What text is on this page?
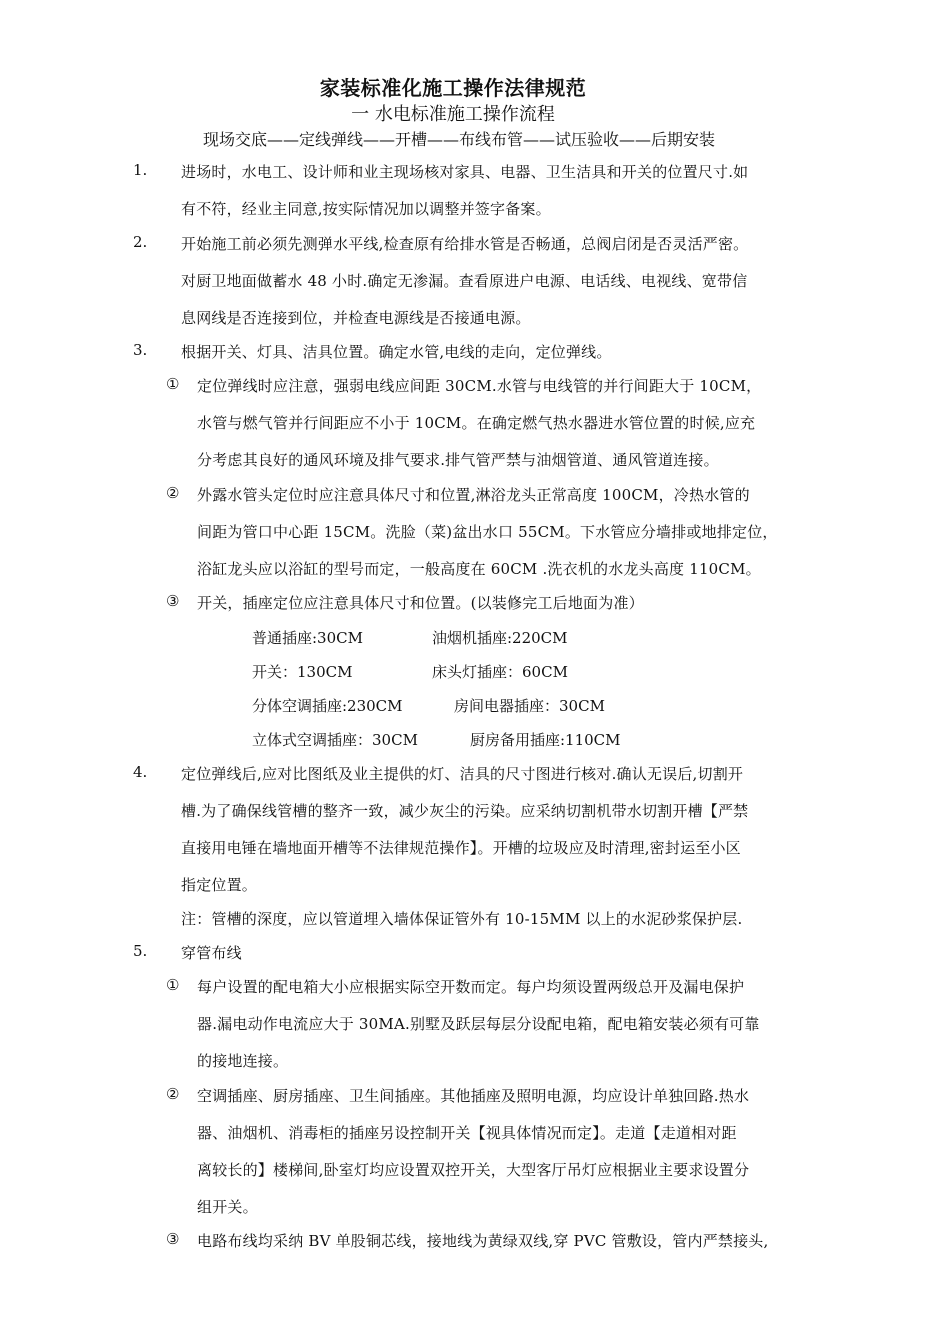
家装标准化施工操作法律规范
一 水电标准施工操作流程
现场交底——定线弹线——开槽——布线布管——试压验收——后期安装
1. 进场时，水电工、设计师和业主现场核对家具、电器、卫生洁具和开关的位置尺寸.如
有不符，经业主同意,按实际情况加以调整并签字备案。
2. 开始施工前必须先测弹水平线,检查原有给排水管是否畅通，总阀启闭是否灵活严密。
对厨卫地面做蓄水 48 小时.确定无渗漏。查看原进户电源、电话线、电视线、宽带信
息网线是否连接到位，并检查电源线是否接通电源。
3. 根据开关、灯具、洁具位置。确定水管,电线的走向，定位弹线。
① 定位弹线时应注意，强弱电线应间距 30CM.水管与电线管的并行间距大于 10CM，
水管与燃气管并行间距应不小于 10CM。在确定燃气热水器进水管位置的时候,应充
分考虑其良好的通风环境及排气要求.排气管严禁与油烟管道、通风管道连接。
② 外露水管头定位时应注意具体尺寸和位置,淋浴龙头正常高度 100CM，冷热水管的
间距为管口中心距 15CM。洗脸（菜)盆出水口 55CM。下水管应分墙排或地排定位，
浴缸龙头应以浴缸的型号而定，一般高度在 60CM .洗衣机的水龙头高度 110CM。
③ 开关，插座定位应注意具体尺寸和位置。(以装修完工后地面为准）
普通插座:30CM	油烟机插座:220CM
开关：130CM	床头灯插座：60CM
分体空调插座:230CM	房间电器插座：30CM
立体式空调插座：30CM	厨房备用插座:110CM
4. 定位弹线后,应对比图纸及业主提供的灯、洁具的尺寸图进行核对.确认无误后,切割开
槽.为了确保线管槽的整齐一致，减少灰尘的污染。应采纳切割机带水切割开槽【严禁
直接用电锤在墙地面开槽等不法律规范操作】。开槽的垃圾应及时清理,密封运至小区
指定位置。
注：管槽的深度，应以管道埋入墙体保证管外有 10-15MM 以上的水泥砂浆保护层.
5. 穿管布线
① 每户设置的配电箱大小应根据实际空开数而定。每户均须设置两级总开及漏电保护
器.漏电动作电流应大于 30MA.别墅及跃层每层分设配电箱，配电箱安装必须有可靠
的接地连接。
② 空调插座、厨房插座、卫生间插座。其他插座及照明电源，均应设计单独回路.热水
器、油烟机、消毒柜的插座另设控制开关【视具体情况而定】。走道【走道相对距
离较长的】楼梯间,卧室灯均应设置双控开关，大型客厅吊灯应根据业主要求设置分
组开关。
③ 电路布线均采纳 BV 单股铜芯线，接地线为黄绿双线,穿 PVC 管敷设，管内严禁接头,
